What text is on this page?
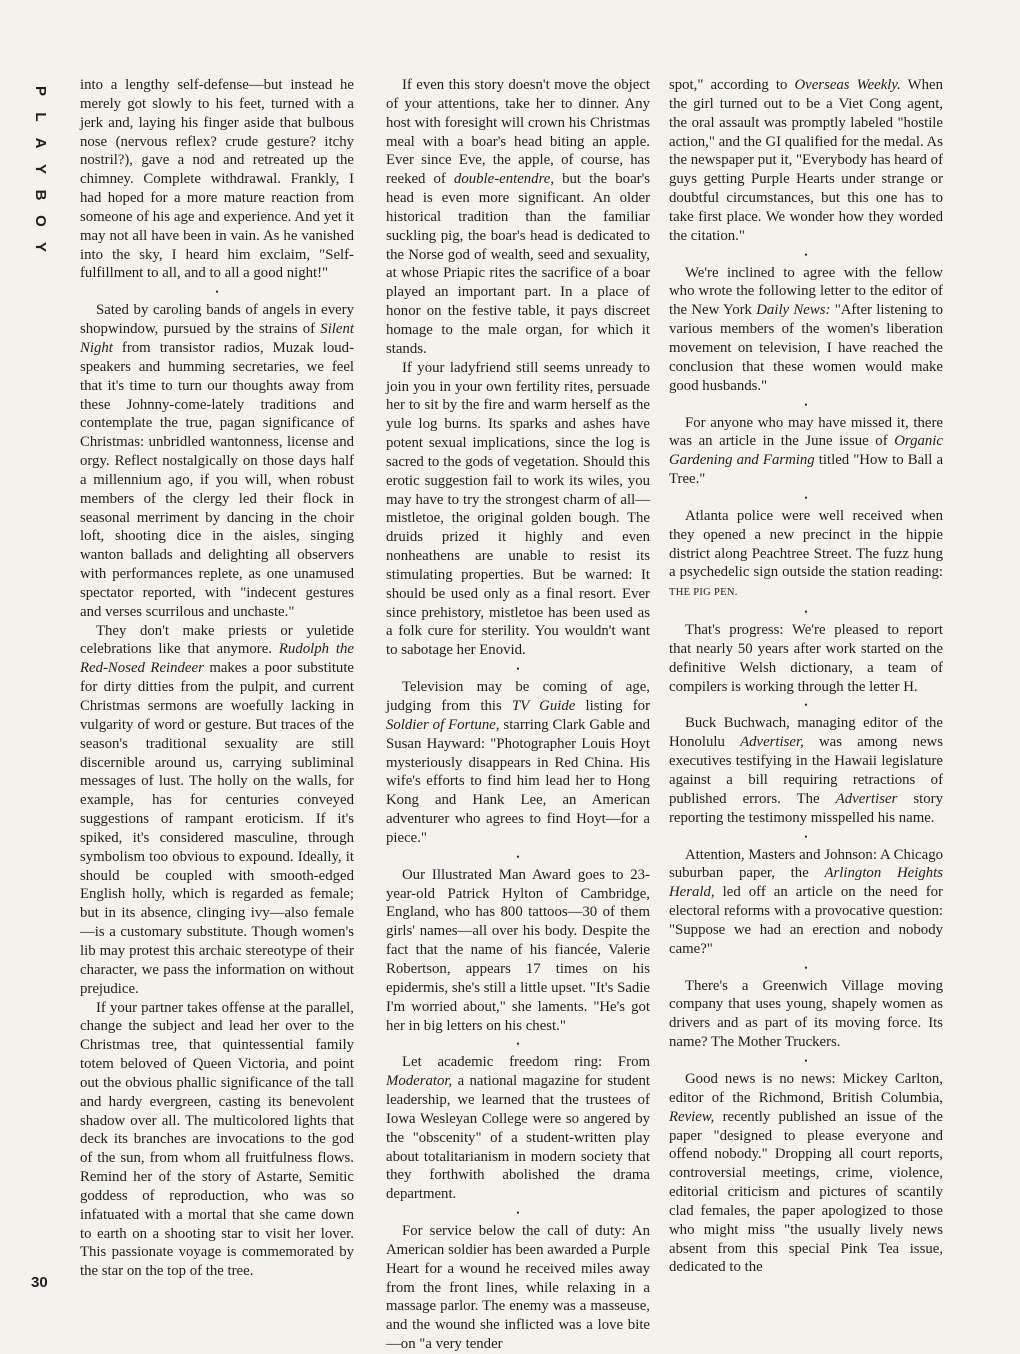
P
L
A
Y
B
O
Y
30

into a lengthy self-defense—but instead he merely got slowly to his feet, turned with a jerk and, laying his finger aside that bulbous nose (nervous reflex? crude gesture? itchy nostril?), gave a nod and retreated up the chimney. Complete withdrawal. Frankly, I had hoped for a more mature reaction from someone of his age and experience. And yet it may not all have been in vain. As he vanished into the sky, I heard him exclaim, "Self-fulfillment to all, and to all a good night!"

•

Sated by caroling bands of angels in every shopwindow, pursued by the strains of Silent Night from transistor radios, Muzak loud-speakers and humming secretaries, we feel that it's time to turn our thoughts away from these Johnny-come-lately traditions and contemplate the true, pagan significance of Christmas: unbridled wantonness, license and orgy. Reflect nostalgically on those days half a millennium ago, if you will, when robust members of the clergy led their flock in seasonal merriment by dancing in the choir loft, shooting dice in the aisles, singing wanton ballads and delighting all observers with performances replete, as one unamused spectator reported, with "indecent gestures and verses scurrilous and unchaste."

They don't make priests or yuletide celebrations like that anymore. Rudolph the Red-Nosed Reindeer makes a poor substitute for dirty ditties from the pulpit, and current Christmas sermons are woefully lacking in vulgarity of word or gesture. But traces of the season's traditional sexuality are still discernible around us, carrying subliminal messages of lust. The holly on the walls, for example, has for centuries conveyed suggestions of rampant eroticism. If it's spiked, it's considered masculine, through symbolism too obvious to expound. Ideally, it should be coupled with smooth-edged English holly, which is regarded as female; but in its absence, clinging ivy—also female—is a customary substitute. Though women's lib may protest this archaic stereotype of their character, we pass the information on without prejudice.

If your partner takes offense at the parallel, change the subject and lead her over to the Christmas tree, that quintessential family totem beloved of Queen Victoria, and point out the obvious phallic significance of the tall and hardy evergreen, casting its benevolent shadow over all. The multicolored lights that deck its branches are invocations to the god of the sun, from whom all fruitfulness flows. Remind her of the story of Astarte, Semitic goddess of reproduction, who was so infatuated with a mortal that she came down to earth on a shooting star to visit her lover. This passionate voyage is commemorated by the star on the top of the tree.

If even this story doesn't move the object of your attentions, take her to dinner. Any host with foresight will crown his Christmas meal with a boar's head biting an apple. Ever since Eve, the apple, of course, has reeked of double-entendre, but the boar's head is even more significant. An older historical tradition than the familiar suckling pig, the boar's head is dedicated to the Norse god of wealth, seed and sexuality, at whose Priapic rites the sacrifice of a boar played an important part. In a place of honor on the festive table, it pays discreet homage to the male organ, for which it stands.

If your ladyfriend still seems unready to join you in your own fertility rites, persuade her to sit by the fire and warm herself as the yule log burns. Its sparks and ashes have potent sexual implications, since the log is sacred to the gods of vegetation. Should this erotic suggestion fail to work its wiles, you may have to try the strongest charm of all—mistletoe, the original golden bough. The druids prized it highly and even nonheathens are unable to resist its stimulating properties. But be warned: It should be used only as a final resort. Ever since prehistory, mistletoe has been used as a folk cure for sterility. You wouldn't want to sabotage her Enovid.

•

Television may be coming of age, judging from this TV Guide listing for Soldier of Fortune, starring Clark Gable and Susan Hayward: "Photographer Louis Hoyt mysteriously disappears in Red China. His wife's efforts to find him lead her to Hong Kong and Hank Lee, an American adventurer who agrees to find Hoyt—for a piece."

•

Our Illustrated Man Award goes to 23-year-old Patrick Hylton of Cambridge, England, who has 800 tattoos—30 of them girls' names—all over his body. Despite the fact that the name of his fiancée, Valerie Robertson, appears 17 times on his epidermis, she's still a little upset. "It's Sadie I'm worried about," she laments. "He's got her in big letters on his chest."

•

Let academic freedom ring: From Moderator, a national magazine for student leadership, we learned that the trustees of Iowa Wesleyan College were so angered by the "obscenity" of a student-written play about totalitarianism in modern society that they forthwith abolished the drama department.

•

For service below the call of duty: An American soldier has been awarded a Purple Heart for a wound he received miles away from the front lines, while relaxing in a massage parlor. The enemy was a masseuse, and the wound she inflicted was a love bite—on "a very tender

spot," according to Overseas Weekly. When the girl turned out to be a Viet Cong agent, the oral assault was promptly labeled "hostile action," and the GI qualified for the medal. As the newspaper put it, "Everybody has heard of guys getting Purple Hearts under strange or doubtful circumstances, but this one has to take first place. We wonder how they worded the citation."

•

We're inclined to agree with the fellow who wrote the following letter to the editor of the New York Daily News: "After listening to various members of the women's liberation movement on television, I have reached the conclusion that these women would make good husbands."

•

For anyone who may have missed it, there was an article in the June issue of Organic Gardening and Farming titled "How to Ball a Tree."

•

Atlanta police were well received when they opened a new precinct in the hippie district along Peachtree Street. The fuzz hung a psychedelic sign outside the station reading: THE PIG PEN.

•

That's progress: We're pleased to report that nearly 50 years after work started on the definitive Welsh dictionary, a team of compilers is working through the letter H.

•

Buck Buchwach, managing editor of the Honolulu Advertiser, was among news executives testifying in the Hawaii legislature against a bill requiring retractions of published errors. The Advertiser story reporting the testimony misspelled his name.

•

Attention, Masters and Johnson: A Chicago suburban paper, the Arlington Heights Herald, led off an article on the need for electoral reforms with a provocative question: "Suppose we had an erection and nobody came?"

•

There's a Greenwich Village moving company that uses young, shapely women as drivers and as part of its moving force. Its name? The Mother Truckers.

•

Good news is no news: Mickey Carlton, editor of the Richmond, British Columbia, Review, recently published an issue of the paper "designed to please everyone and offend nobody." Dropping all court reports, controversial meetings, crime, violence, editorial criticism and pictures of scantily clad females, the paper apologized to those who might miss "the usually lively news absent from this special Pink Tea issue, dedicated to the
